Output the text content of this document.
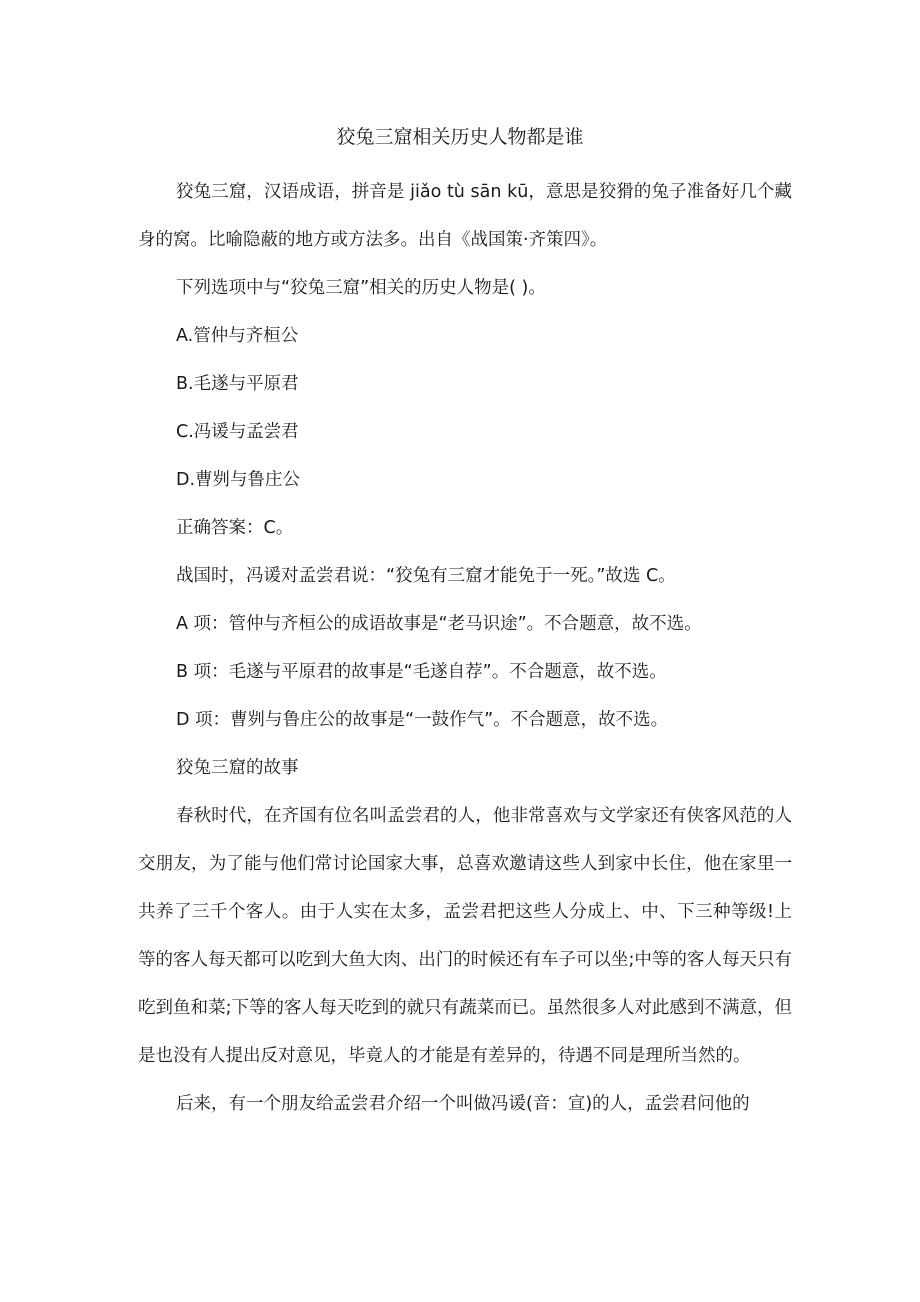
狡兔三窟相关历史人物都是谁

狡兔三窟，汉语成语，拼音是 jiǎo tù sān kū，意思是狡猾的兔子准备好几个藏身的窝。比喻隐蔽的地方或方法多。出自《战国策·齐策四》。

下列选项中与“狡兔三窟”相关的历史人物是( )。

A.管仲与齐桓公

B.毛遂与平原君

C.冯谖与孟尝君

D.曹刿与鲁庄公

正确答案：C。

战国时，冯谖对孟尝君说：“狡兔有三窟才能免于一死。”故选 C。

A 项：管仲与齐桓公的成语故事是“老马识途”。不合题意，故不选。

B 项：毛遂与平原君的故事是“毛遂自荐”。不合题意，故不选。

D 项：曹刿与鲁庄公的故事是“一鼓作气”。不合题意，故不选。

狡兔三窟的故事

春秋时代，在齐国有位名叫孟尝君的人，他非常喜欢与文学家还有侠客风范的人交朋友，为了能与他们常讨论国家大事，总喜欢邀请这些人到家中长住，他在家里一共养了三千个客人。由于人实在太多，孟尝君把这些人分成上、中、下三种等级!上等的客人每天都可以吃到大鱼大肉、出门的时候还有车子可以坐;中等的客人每天只有吃到鱼和菜;下等的客人每天吃到的就只有蔬菜而已。虽然很多人对此感到不满意，但是也没有人提出反对意见，毕竟人的才能是有差异的，待遇不同是理所当然的。

后来，有一个朋友给孟尝君介绍一个叫做冯谖(音：宣)的人，孟尝君问他的
